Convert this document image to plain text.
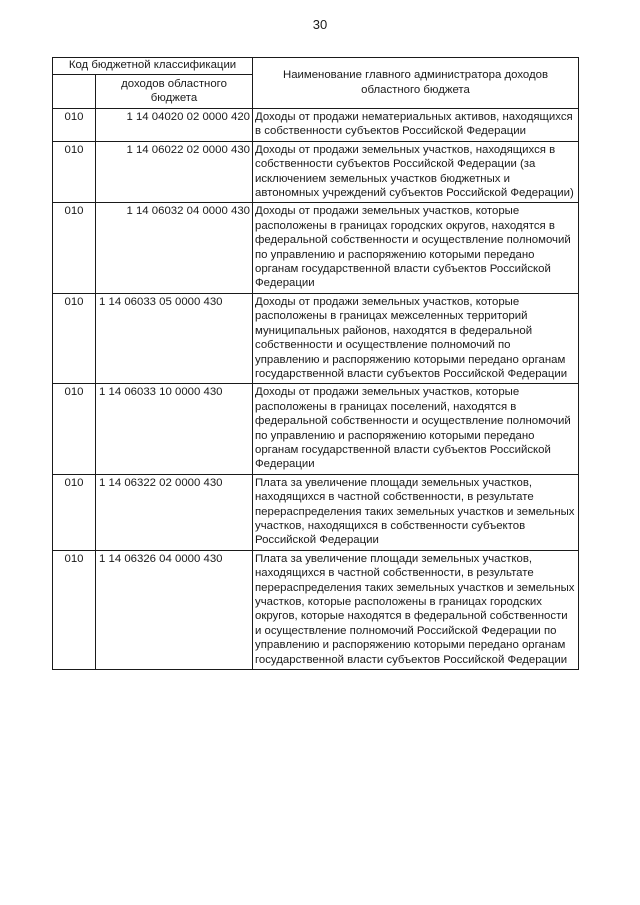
30
Код бюджетной классификации		Наименование главного администратора доходов областного бюджета
	доходов областного бюджета	
010	1 14 04020 02 0000 420	Доходы от продажи нематериальных активов, находящихся в собственности субъектов Российской Федерации
010	1 14 06022 02 0000 430	Доходы от продажи земельных участков, находящихся в собственности субъектов Российской Федерации (за исключением земельных участков бюджетных и автономных учреждений субъектов Российской Федерации)
010	1 14 06032 04 0000 430	Доходы от продажи земельных участков, которые расположены в границах городских округов, находятся в федеральной собственности и осуществление полномочий по управлению и распоряжению которыми передано органам государственной власти субъектов Российской Федерации
010	1 14 06033 05 0000 430	Доходы от продажи земельных участков, которые расположены в границах межселенных территорий муниципальных районов, находятся в федеральной собственности и осуществление полномочий по управлению и распоряжению которыми передано органам государственной власти субъектов Российской Федерации
010	1 14 06033 10 0000 430	Доходы от продажи земельных участков, которые расположены в границах поселений, находятся в федеральной собственности и осуществление полномочий по управлению и распоряжению которыми передано органам государственной власти субъектов Российской Федерации
010	1 14 06322 02 0000 430	Плата за увеличение площади земельных участков, находящихся в частной собственности, в результате перераспределения таких земельных участков и земельных участков, находящихся в собственности субъектов Российской Федерации
010	1 14 06326 04 0000 430	Плата за увеличение площади земельных участков, находящихся в частной собственности, в результате перераспределения таких земельных участков и земельных участков, которые расположены в границах городских округов, которые находятся в федеральной собственности и осуществление полномочий Российской Федерации по управлению и распоряжению которыми передано органам государственной власти субъектов Российской Федерации
